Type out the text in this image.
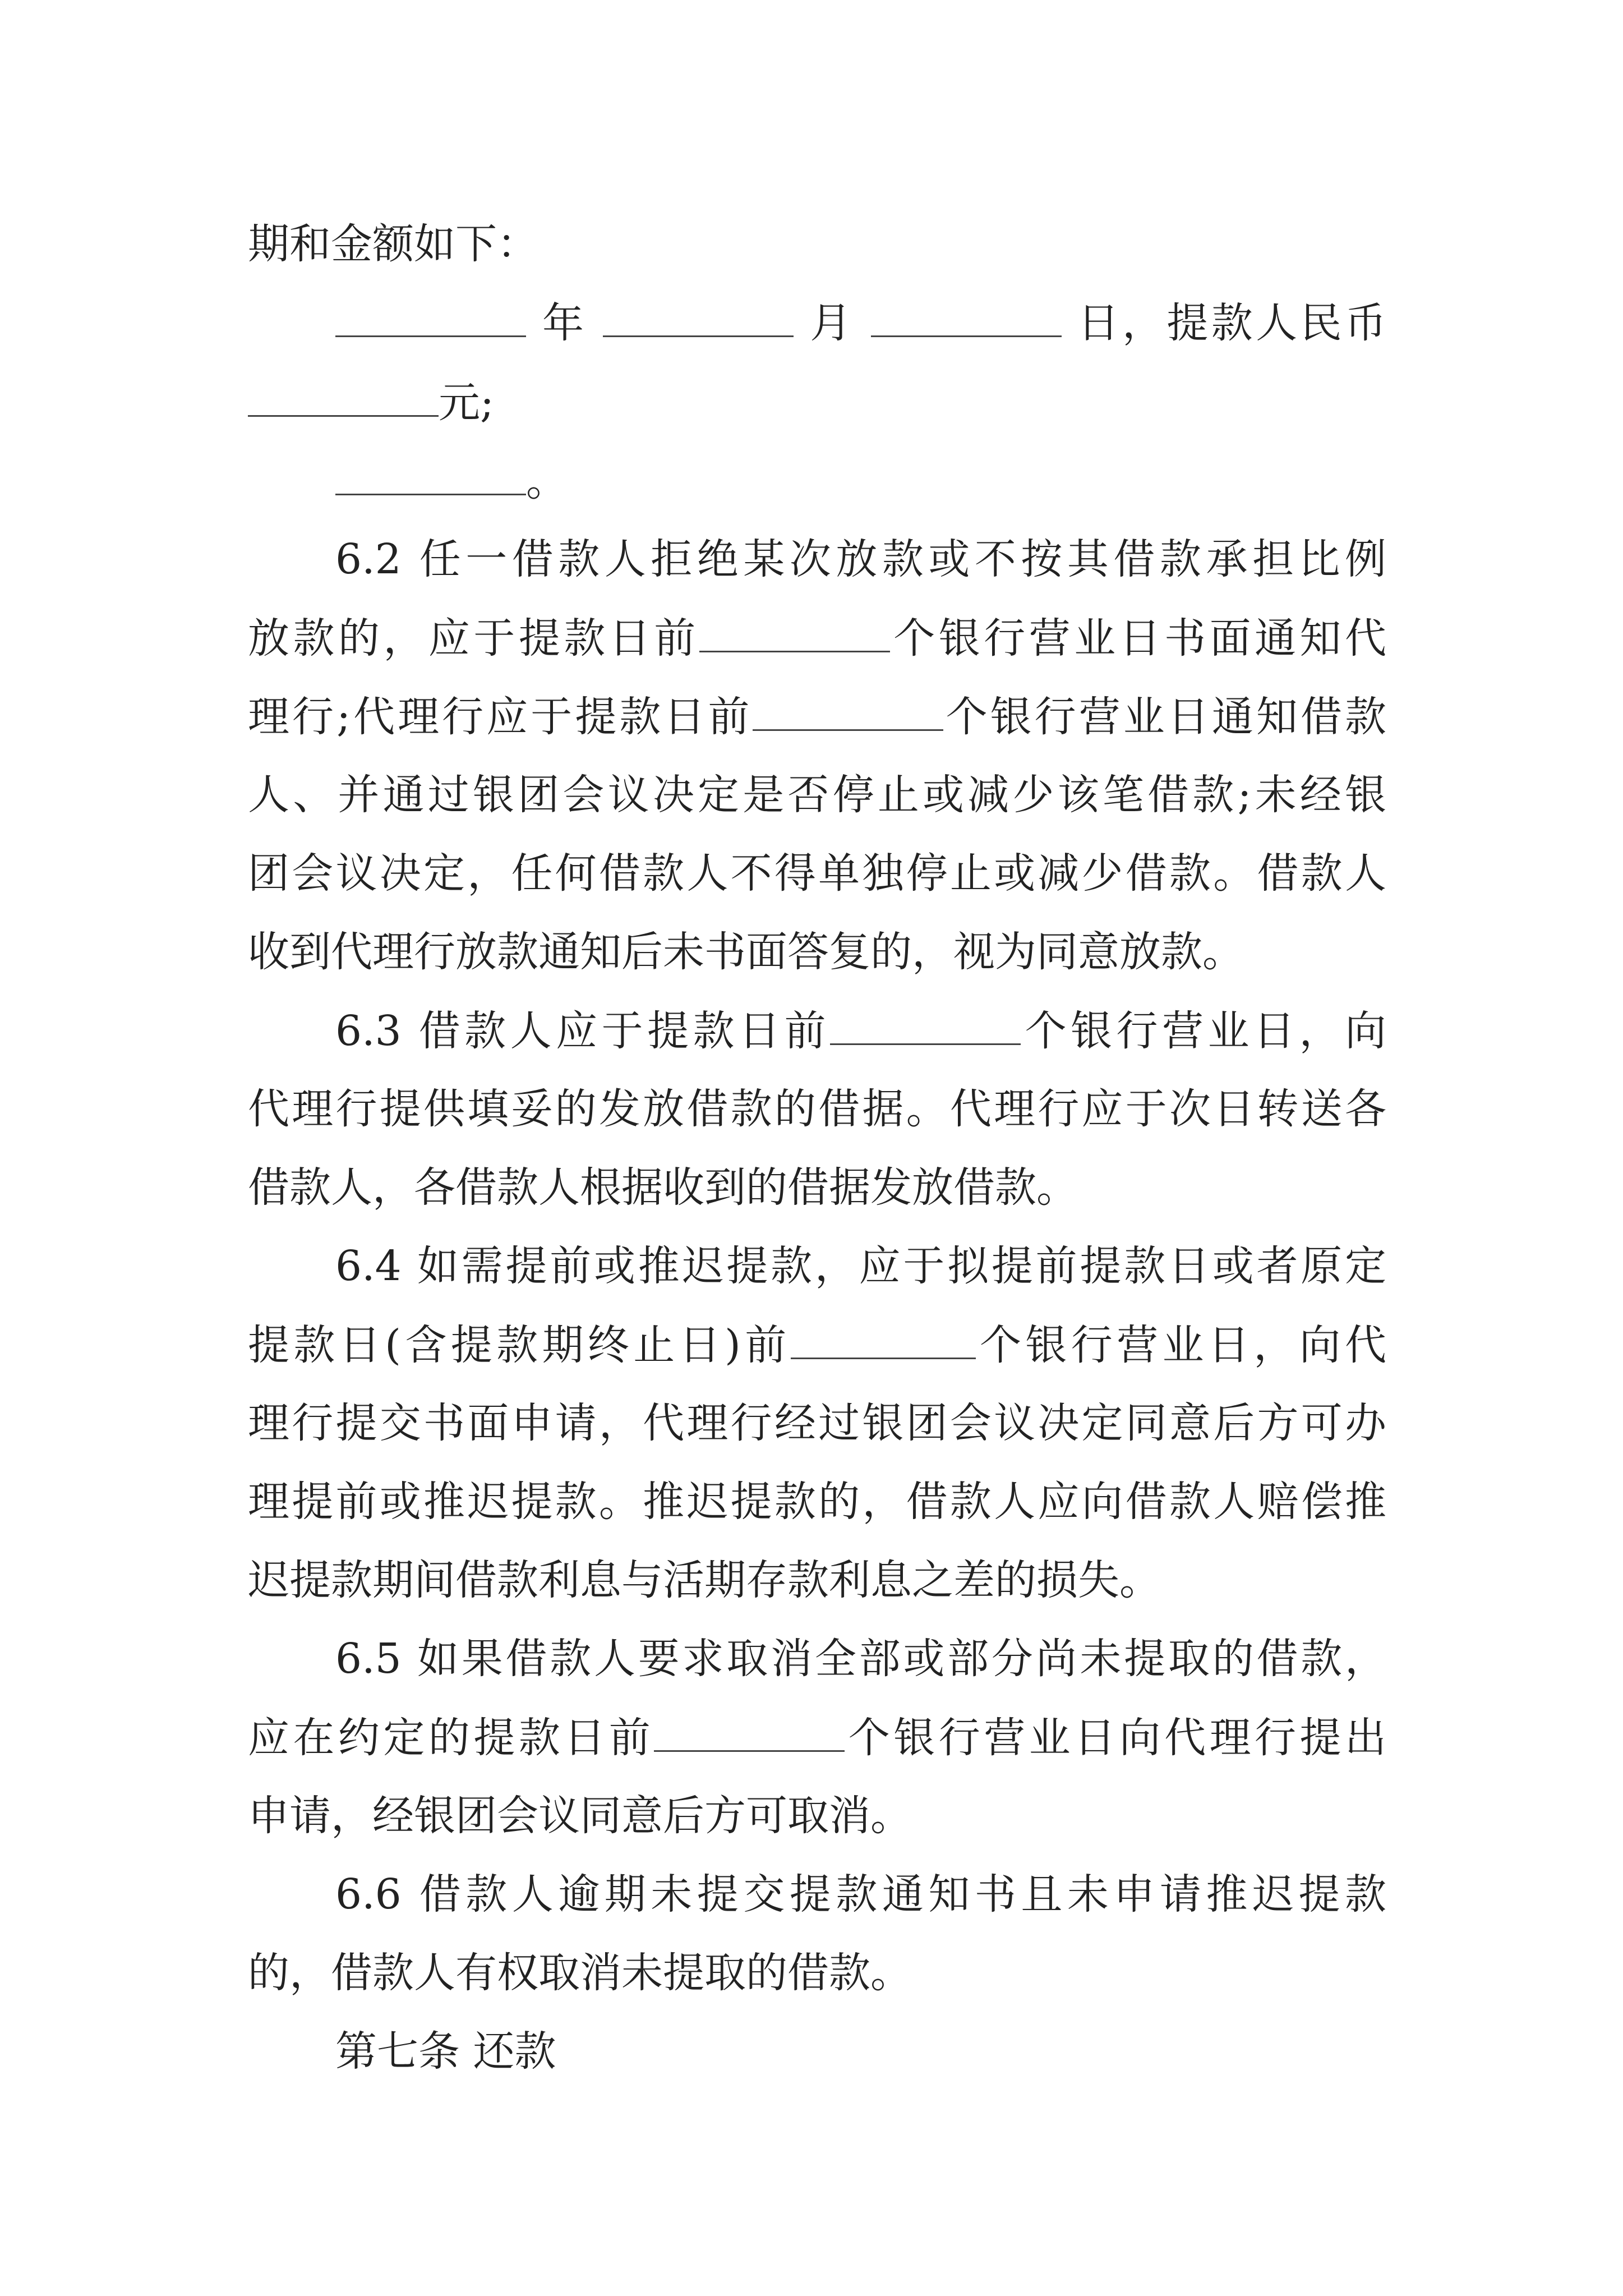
期和金额如下：
年	月	日，提款人民币
元;
。
6.2 任一借款人拒绝某次放款或不按其借款承担比例
放款的，应于提款日前	个银行营业日书面通知代
理行;代理行应于提款日前	个银行营业日通知借款
人、并通过银团会议决定是否停止或减少该笔借款;未经银
团会议决定，任何借款人不得单独停止或减少借款。借款人
收到代理行放款通知后未书面答复的，视为同意放款。
6.3 借款人应于提款日前	个银行营业日，向
代理行提供填妥的发放借款的借据。代理行应于次日转送各
借款人，各借款人根据收到的借据发放借款。
6.4 如需提前或推迟提款，应于拟提前提款日或者原定
提款日(含提款期终止日)前	个银行营业日，向代
理行提交书面申请，代理行经过银团会议决定同意后方可办
理提前或推迟提款。推迟提款的，借款人应向借款人赔偿推
迟提款期间借款利息与活期存款利息之差的损失。
6.5 如果借款人要求取消全部或部分尚未提取的借款，
应在约定的提款日前	个银行营业日向代理行提出
申请，经银团会议同意后方可取消。
6.6 借款人逾期未提交提款通知书且未申请推迟提款
的，借款人有权取消未提取的借款。
第七条 还款
